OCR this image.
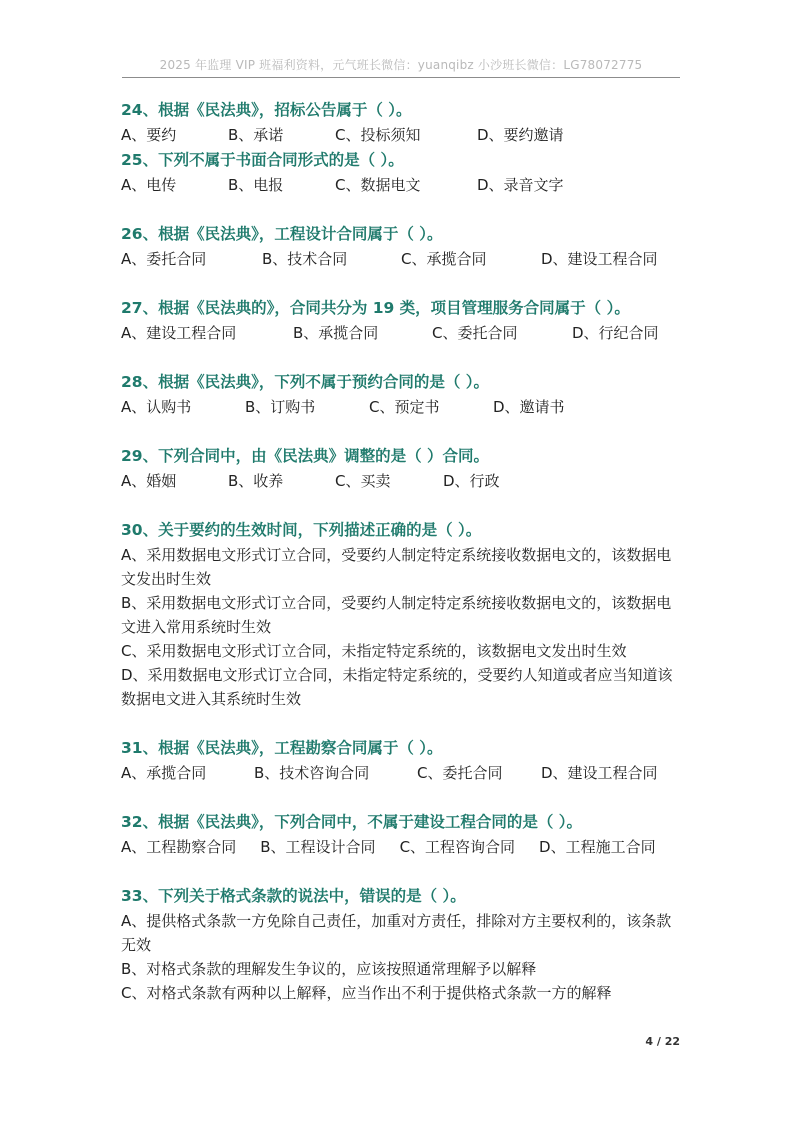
2025 年监理 VIP 班福利资料，元气班长微信：yuanqibz 小沙班长微信：LG78072775
24、根据《民法典》，招标公告属于（ ）。
A、要约	B、承诺	C、投标须知	D、要约邀请
25、下列不属于书面合同形式的是（ ）。
A、电传	B、电报	C、数据电文	D、录音文字
26、根据《民法典》，工程设计合同属于（ ）。
A、委托合同	B、技术合同	C、承揽合同	D、建设工程合同
27、根据《民法典的》，合同共分为 19 类，项目管理服务合同属于（ ）。
A、建设工程合同	B、承揽合同	C、委托合同	D、行纪合同
28、根据《民法典》，下列不属于预约合同的是（ ）。
A、认购书	B、订购书	C、预定书	D、邀请书
29、下列合同中，由《民法典》调整的是（ ）合同。
A、婚姻	B、收养	C、买卖	D、行政
30、关于要约的生效时间，下列描述正确的是（ ）。
A、采用数据电文形式订立合同，受要约人制定特定系统接收数据电文的，该数据电文发出时生效
B、采用数据电文形式订立合同，受要约人制定特定系统接收数据电文的，该数据电文进入常用系统时生效
C、采用数据电文形式订立合同，未指定特定系统的，该数据电文发出时生效
D、采用数据电文形式订立合同，未指定特定系统的，受要约人知道或者应当知道该数据电文进入其系统时生效
31、根据《民法典》，工程勘察合同属于（ ）。
A、承揽合同	B、技术咨询合同	C、委托合同	D、建设工程合同
32、根据《民法典》，下列合同中，不属于建设工程合同的是（ ）。
A、工程勘察合同 B、工程设计合同 C、工程咨询合同 D、工程施工合同
33、下列关于格式条款的说法中，错误的是（ ）。
A、提供格式条款一方免除自己责任，加重对方责任，排除对方主要权利的，该条款无效
B、对格式条款的理解发生争议的，应该按照通常理解予以解释
C、对格式条款有两种以上解释，应当作出不利于提供格式条款一方的解释
4 / 22
